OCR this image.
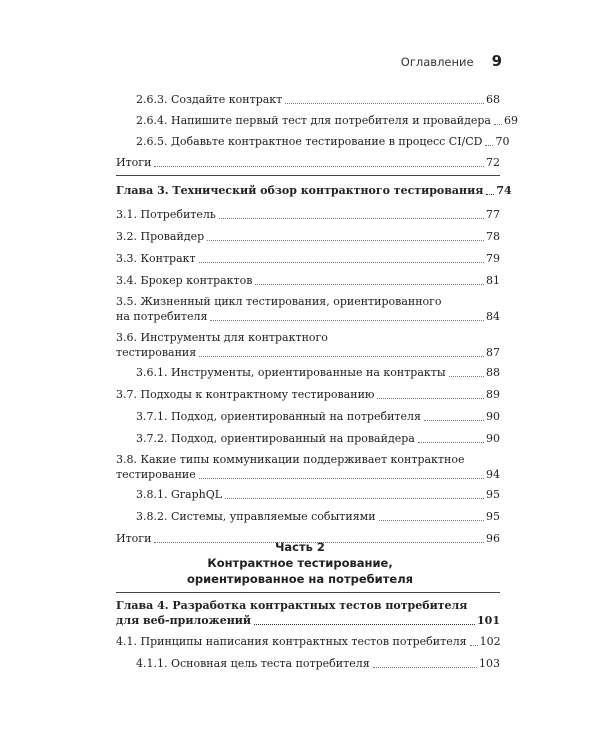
Оглавление 9
2.6.3. Создайте контракт	68
2.6.4. Напишите первый тест для потребителя и провайдера 69
2.6.5. Добавьте контрактное тестирование в процесс CI/CD 70
Итоги	72
Глава 3. Технический обзор контрактного тестирования 74
3.1. Потребитель	77
3.2. Провайдер	78
3.3. Контракт	79
3.4. Брокер контрактов	81
3.5. Жизненный цикл тестирования, ориентированного
на потребителя	84
3.6. Инструменты для контрактного
тестирования	87
3.6.1. Инструменты, ориентированные на контракты	88
3.7. Подходы к контрактному тестированию	89
3.7.1. Подход, ориентированный на потребителя	90
3.7.2. Подход, ориентированный на провайдера	90
3.8. Какие типы коммуникации поддерживает контрактное
тестирование	94
3.8.1. GraphQL	95
3.8.2. Системы, управляемые событиями	95
Итоги	96
Часть 2
Контрактное тестирование,
ориентированное на потребителя
Глава 4. Разработка контрактных тестов потребителя
для веб-приложений	101
4.1. Принципы написания контрактных тестов потребителя 102
4.1.1. Основная цель теста потребителя	103
